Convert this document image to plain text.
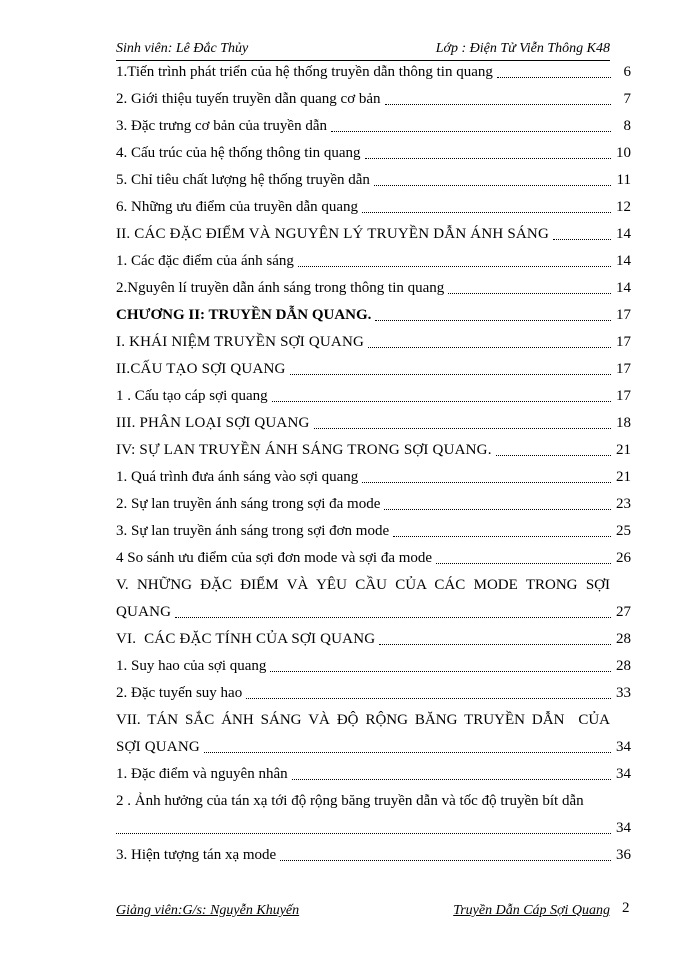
Sinh viên: Lê Đắc Thủy	Lớp : Điện Tử Viễn Thông K48
1.Tiến trình phát triển của hệ thống truyền dẫn thông tin quang	6
2. Giới thiệu tuyến truyền dẫn quang cơ bản	7
3. Đặc trưng cơ bản của truyền dẫn	8
4. Cấu trúc của hệ thống thông tin quang	10
5. Chỉ tiêu chất lượng hệ thống truyền dẫn	11
6. Những ưu điểm của truyền dẫn quang	12
II. CÁC ĐẶC ĐIỂM VÀ NGUYÊN LÝ TRUYỀN DẪN ÁNH SÁNG	14
1. Các đặc điểm của ánh sáng	14
2.Nguyên lí truyền dẫn ánh sáng trong thông tin quang	14
CHƯƠNG II: TRUYỀN DẪN QUANG.	17
I. KHÁI NIỆM TRUYỀN SỢI QUANG	17
II.CẤU TẠO SỢI QUANG	17
1 . Cấu tạo cáp sợi quang	17
III. PHÂN LOẠI SỢI QUANG	18
IV: SỰ LAN TRUYỀN ÁNH SÁNG TRONG SỢI QUANG.	21
1. Quá trình đưa ánh sáng vào sợi quang	21
2. Sự lan truyền ánh sáng trong sợi đa mode	23
3. Sự lan truyền ánh sáng trong sợi đơn mode	25
4 So sánh ưu điểm của sợi đơn mode và sợi đa mode	26
V. NHỮNG ĐẶC ĐIỂM VÀ YÊU CẦU CỦA CÁC MODE TRONG SỢI
QUANG	27
VI.  CÁC ĐẶC TÍNH CỦA SỢI QUANG	28
1. Suy hao của sợi quang	28
2. Đặc tuyến suy hao	33
VII. TÁN SẮC ÁNH SÁNG VÀ ĐỘ RỘNG BĂNG TRUYỀN DẪN  CỦA
SỢI QUANG	34
1. Đặc điểm và nguyên nhân	34
2 . Ảnh hưởng của tán xạ tới độ rộng băng truyền dẫn và tốc độ truyền bít dẫn
34
3. Hiện tượng tán xạ mode	36
Giảng viên:G/s: Nguyễn Khuyến	Truyền Dẫn Cáp Sợi Quang 2
